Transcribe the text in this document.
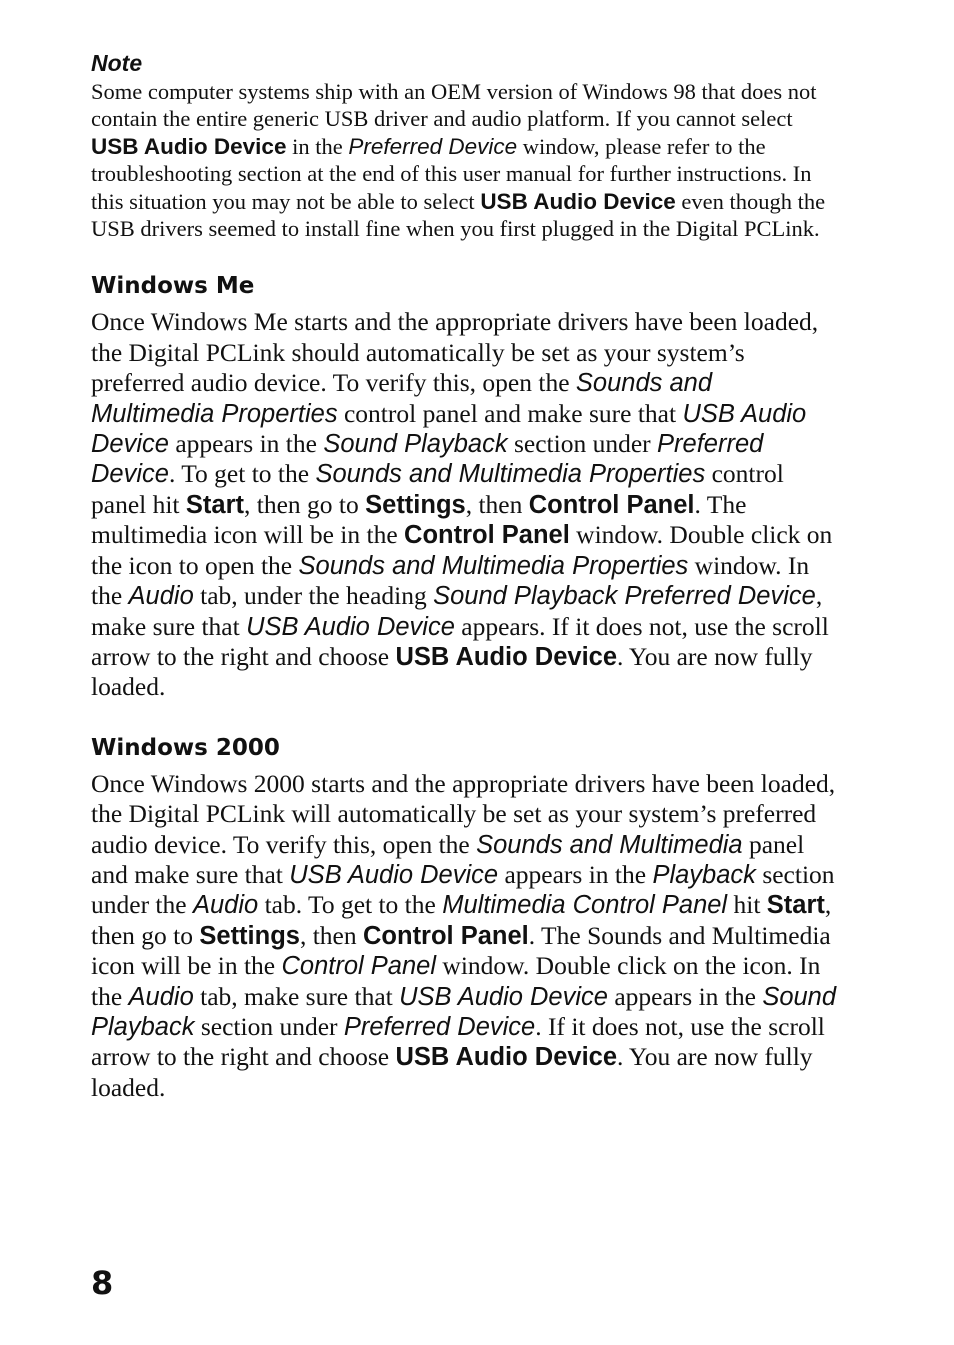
Note

Some computer systems ship with an OEM version of Windows 98 that does not contain the entire generic USB driver and audio platform. If you cannot select USB Audio Device in the Preferred Device window, please refer to the troubleshooting section at the end of this user manual for further instructions. In this situation you may not be able to select USB Audio Device even though the USB drivers seemed to install fine when you first plugged in the Digital PCLink.

Windows Me

Once Windows Me starts and the appropriate drivers have been loaded, the Digital PCLink should automatically be set as your system’s preferred audio device. To verify this, open the Sounds and Multimedia Properties control panel and make sure that USB Audio Device appears in the Sound Playback section under Preferred Device. To get to the Sounds and Multimedia Properties control panel hit Start, then go to Settings, then Control Panel. The multimedia icon will be in the Control Panel window. Double click on the icon to open the Sounds and Multimedia Properties window. In the Audio tab, under the heading Sound Playback Preferred Device, make sure that USB Audio Device appears. If it does not, use the scroll arrow to the right and choose USB Audio Device. You are now fully loaded.

Windows 2000

Once Windows 2000 starts and the appropriate drivers have been loaded, the Digital PCLink will automatically be set as your system’s preferred audio device. To verify this, open the Sounds and Multimedia panel and make sure that USB Audio Device appears in the Playback section under the Audio tab. To get to the Multimedia Control Panel hit Start, then go to Settings, then Control Panel. The Sounds and Multimedia icon will be in the Control Panel window. Double click on the icon. In the Audio tab, make sure that USB Audio Device appears in the Sound Playback section under Preferred Device. If it does not, use the scroll arrow to the right and choose USB Audio Device. You are now fully loaded.

8
